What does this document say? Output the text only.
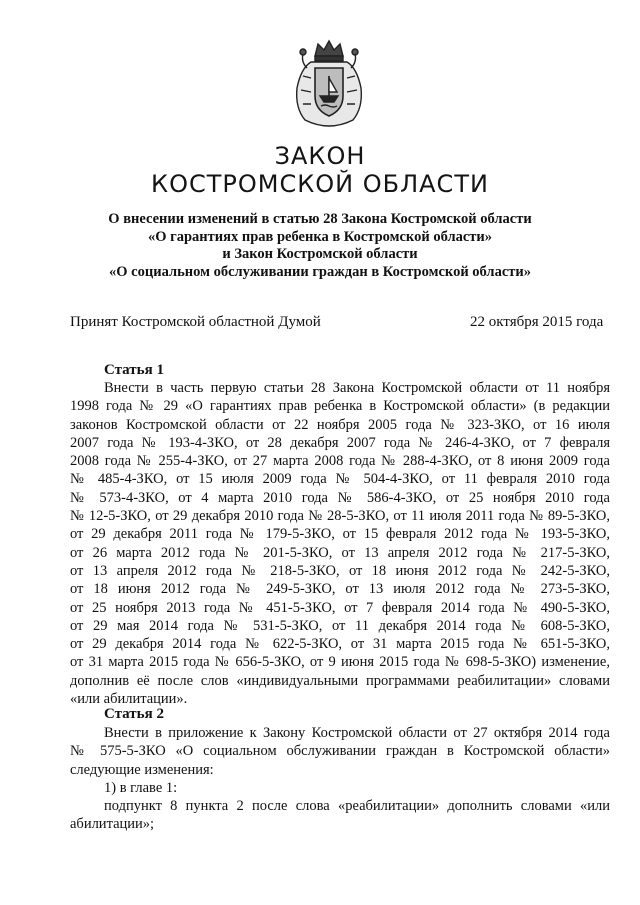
ЗАКОН
КОСТРОМСКОЙ ОБЛАСТИ
О внесении изменений в статью 28 Закона Костромской области
«О гарантиях прав ребенка в Костромской области»
и Закон Костромской области
«О социальном обслуживании граждан в Костромской области»
Принят Костромской областной Думой	22 октября 2015 года
Статья 1
Внести в часть первую статьи 28 Закона Костромской области от 11 ноября
1998 года № 29 «О гарантиях прав ребенка в Костромской области» (в редакции
законов Костромской области от 22 ноября 2005 года № 323-ЗКО, от 16 июля
2007 года № 193-4-ЗКО, от 28 декабря 2007 года № 246-4-ЗКО, от 7 февраля
2008 года № 255-4-ЗКО, от 27 марта 2008 года № 288-4-ЗКО, от 8 июня 2009 года
№ 485-4-ЗКО, от 15 июля 2009 года № 504-4-ЗКО, от 11 февраля 2010 года
№ 573-4-ЗКО, от 4 марта 2010 года № 586-4-ЗКО, от 25 ноября 2010 года
№ 12-5-ЗКО, от 29 декабря 2010 года № 28-5-ЗКО, от 11 июля 2011 года № 89-5-ЗКО,
от 29 декабря 2011 года № 179-5-ЗКО, от 15 февраля 2012 года № 193-5-ЗКО,
от 26 марта 2012 года № 201-5-ЗКО, от 13 апреля 2012 года № 217-5-ЗКО,
от 13 апреля 2012 года № 218-5-ЗКО, от 18 июня 2012 года № 242-5-ЗКО,
от 18 июня 2012 года № 249-5-ЗКО, от 13 июля 2012 года № 273-5-ЗКО,
от 25 ноября 2013 года № 451-5-ЗКО, от 7 февраля 2014 года № 490-5-ЗКО,
от 29 мая 2014 года № 531-5-ЗКО, от 11 декабря 2014 года № 608-5-ЗКО,
от 29 декабря 2014 года № 622-5-ЗКО, от 31 марта 2015 года № 651-5-ЗКО,
от 31 марта 2015 года № 656-5-ЗКО, от 9 июня 2015 года № 698-5-ЗКО) изменение,
дополнив её после слов «индивидуальными программами реабилитации» словами
«или абилитации».
Статья 2
Внести в приложение к Закону Костромской области от 27 октября 2014 года
№ 575-5-ЗКО «О социальном обслуживании граждан в Костромской области»
следующие изменения:
1) в главе 1:
подпункт 8 пункта 2 после слова «реабилитации» дополнить словами «или
абилитации»;
